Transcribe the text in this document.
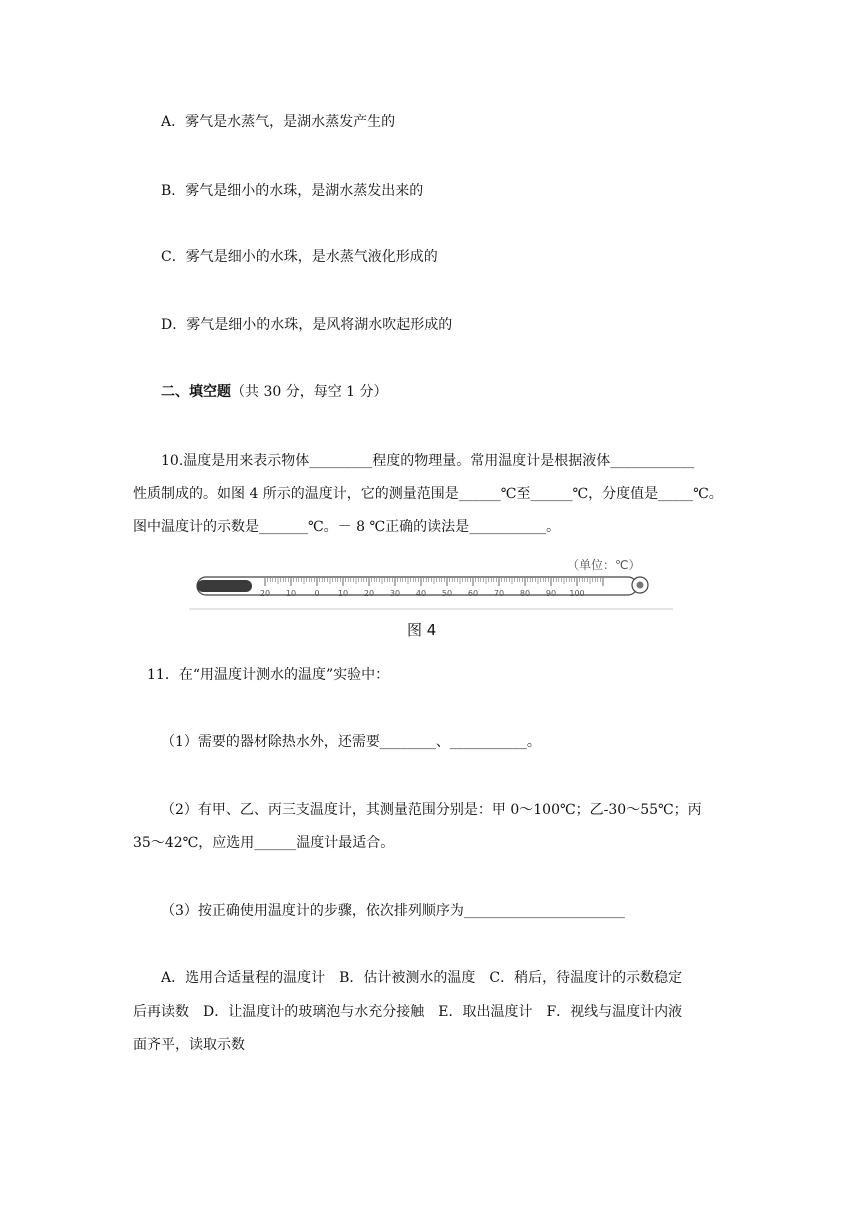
A．雾气是水蒸气，是湖水蒸发产生的
B．雾气是细小的水珠，是湖水蒸发出来的
C．雾气是细小的水珠，是水蒸气液化形成的
D．雾气是细小的水珠，是风将湖水吹起形成的
二、填空题（共 30 分，每空 1 分）
10.温度是用来表示物体_________程度的物理量。常用温度计是根据液体____________
性质制成的。如图 4 所示的温度计，它的测量范围是______℃至______℃，分度值是_____℃。
图中温度计的示数是_______℃。－ 8 ℃正确的读法是___________。
（单位：℃）
20 10 0 10 20 30 40 50 60 70 80 90 100
图 4
11．在“用温度计测水的温度”实验中：
（1）需要的器材除热水外，还需要________、___________。
（2）有甲、乙、丙三支温度计，其测量范围分别是：甲 0～100℃；乙-30～55℃；丙
35～42℃，应选用______温度计最适合。
（3）按正确使用温度计的步骤，依次排列顺序为_______________________
A．选用合适量程的温度计　B．估计被测水的温度　C．稍后，待温度计的示数稳定
后再读数　D．让温度计的玻璃泡与水充分接触　E．取出温度计　F．视线与温度计内液
面齐平，读取示数
